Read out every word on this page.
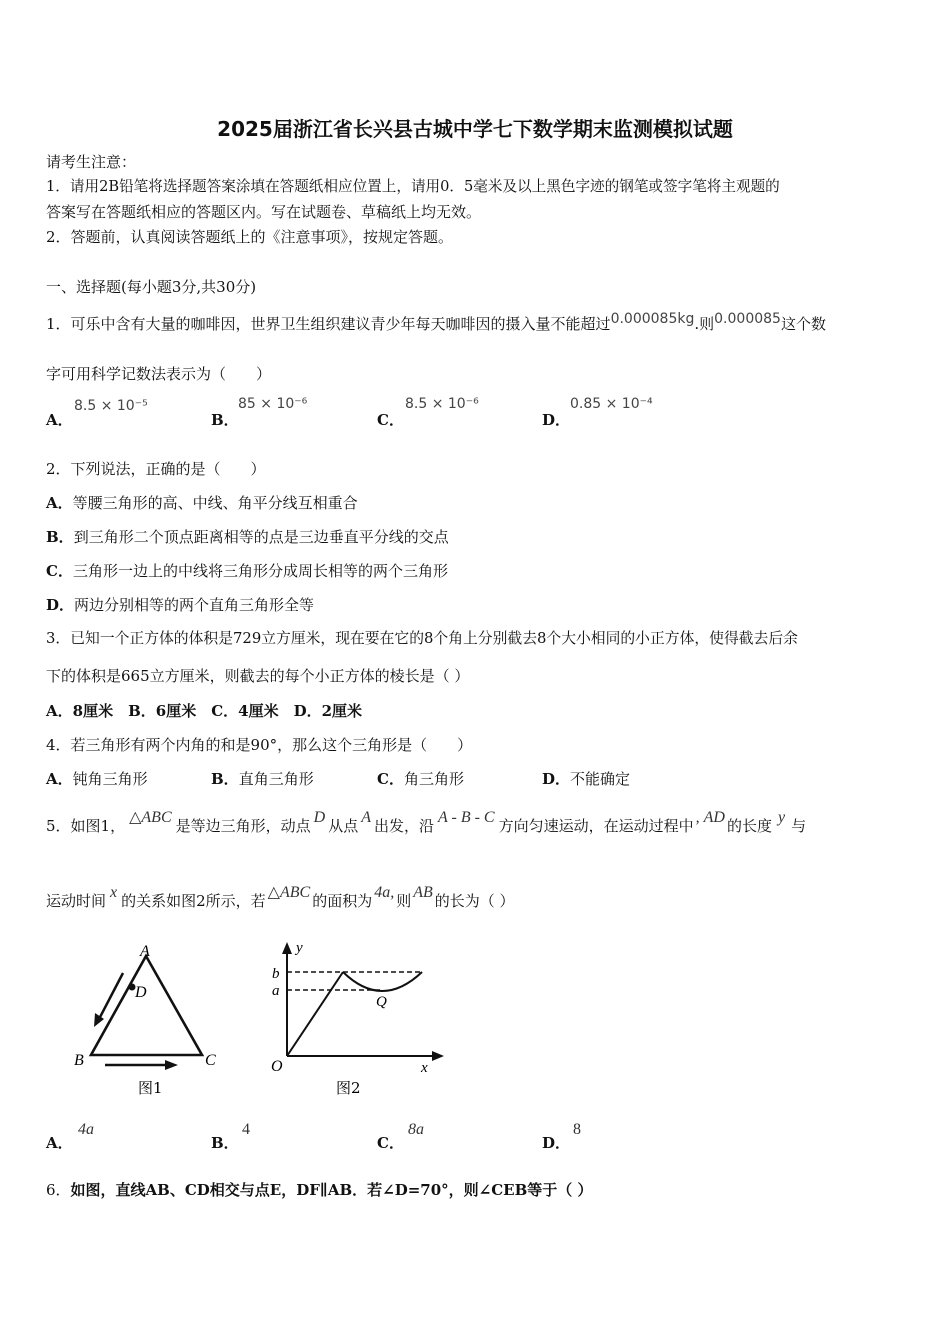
2025届浙江省长兴县古城中学七下数学期末监测模拟试题
请考生注意：
1．请用2B铅笔将选择题答案涂填在答题纸相应位置上，请用0．5毫米及以上黑色字迹的钢笔或签字笔将主观题的
答案写在答题纸相应的答题区内。写在试题卷、草稿纸上均无效。
2．答题前，认真阅读答题纸上的《注意事项》，按规定答题。
一、选择题(每小题3分,共30分)
1．可乐中含有大量的咖啡因，世界卫生组织建议青少年每天咖啡因的摄入量不能超过0.000085kg.则0.000085这个数
字可用科学记数法表示为（　　）
A．
8.5 × 10⁻⁵
B．
85 × 10⁻⁶
C．
8.5 × 10⁻⁶
D．
0.85 × 10⁻⁴
2．下列说法，正确的是（　　）
A．等腰三角形的高、中线、角平分线互相重合
B．到三角形二个顶点距离相等的点是三边垂直平分线的交点
C．三角形一边上的中线将三角形分成周长相等的两个三角形
D．两边分别相等的两个直角三角形全等
3．已知一个正方体的体积是729立方厘米，现在要在它的8个角上分别截去8个大小相同的小正方体，使得截去后余
下的体积是665立方厘米，则截去的每个小正方体的棱长是（ ）
A．8厘米　B．6厘米　C．4厘米　D．2厘米
4．若三角形有两个内角的和是90°，那么这个三角形是（　　）
A．钝角三角形	B．直角三角形	C．角三角形	D．不能确定
5．如图1， △ABC 是等边三角形，动点 D 从点 A 出发，沿 A - B - C 方向匀速运动，在运动过程中 , AD 的长度 y 与
运动时间 x 的关系如图2所示，若 △ABC 的面积为 4a, 则 AB 的长为（ ）
A
D
B	C
图1
y
b
a
Q
O	x
图2
A．
4a
B．
4
C．
8a
D．
8
6．如图，直线AB、CD相交与点E，DF∥AB．若∠D=70°，则∠CEB等于（ ）
